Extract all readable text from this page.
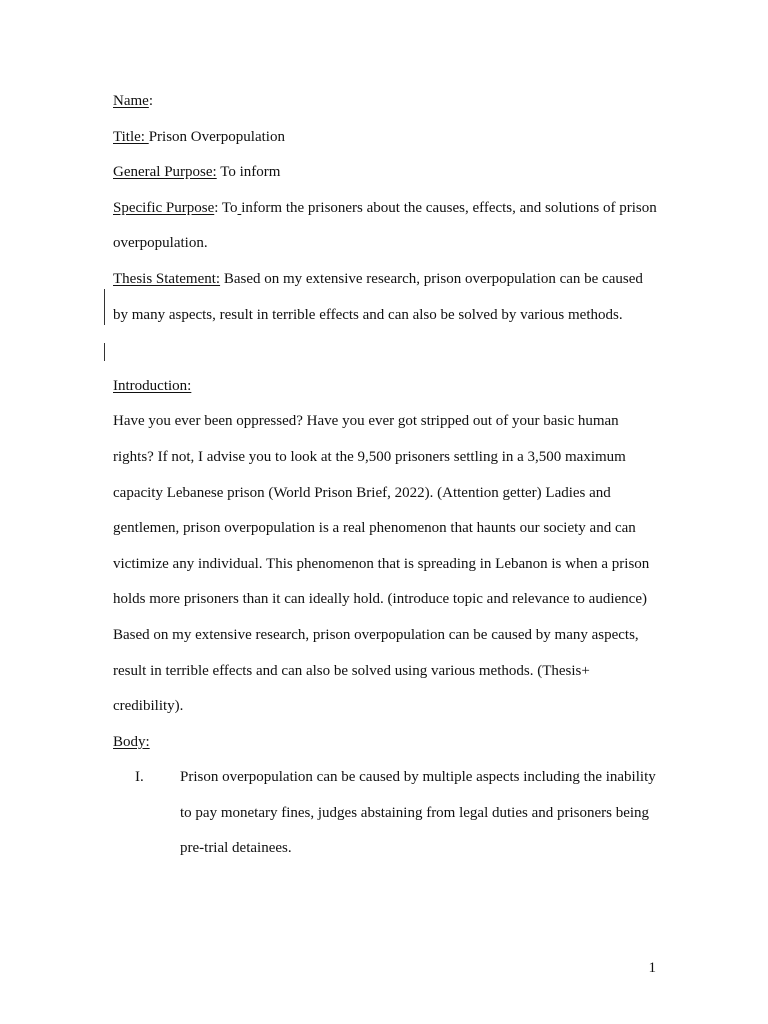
Name:

Title: Prison Overpopulation

General Purpose: To inform

Specific Purpose: To inform the prisoners about the causes, effects, and solutions of prison overpopulation.

Thesis Statement: Based on my extensive research, prison overpopulation can be caused by many aspects, result in terrible effects and can also be solved by various methods.

Introduction:

Have you ever been oppressed? Have you ever got stripped out of your basic human rights? If not, I advise you to look at the 9,500 prisoners settling in a 3,500 maximum capacity Lebanese prison (World Prison Brief, 2022). (Attention getter) Ladies and gentlemen, prison overpopulation is a real phenomenon that haunts our society and can victimize any individual. This phenomenon that is spreading in Lebanon is when a prison holds more prisoners than it can ideally hold. (introduce topic and relevance to audience) Based on my extensive research, prison overpopulation can be caused by many aspects, result in terrible effects and can also be solved using various methods. (Thesis+ credibility).

Body:

I. Prison overpopulation can be caused by multiple aspects including the inability to pay monetary fines, judges abstaining from legal duties and prisoners being pre-trial detainees.

1
